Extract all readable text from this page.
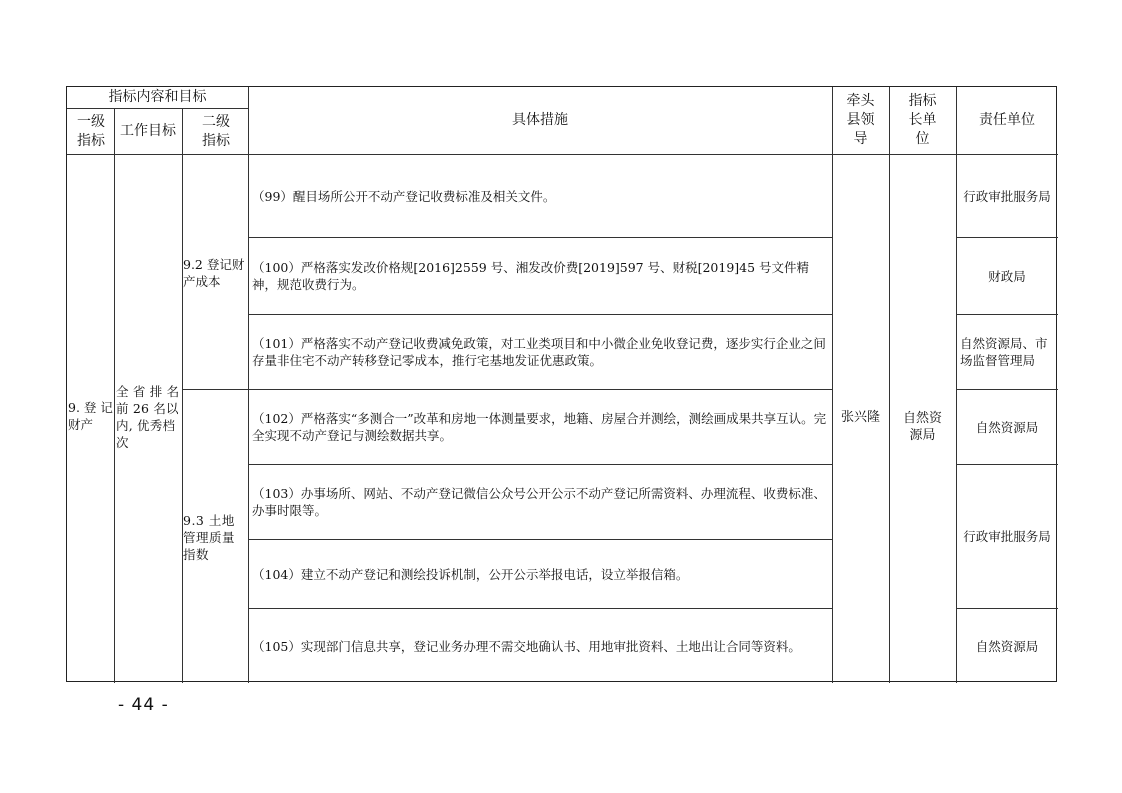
指标内容和目标
一级指标
工作目标
二级指标
具体措施
牵头县领导
指标长单位
责任单位
9. 登 记 财产
全 省 排 名 前 26 名以内, 优秀档次
9.2 登记财产成本
9.3 土地管理质量指数
（99）醒目场所公开不动产登记收费标准及相关文件。
（100）严格落实发改价格规[2016]2559 号、湘发改价费[2019]597 号、财税[2019]45 号文件精神，规范收费行为。
（101）严格落实不动产登记收费减免政策，对工业类项目和中小微企业免收登记费，逐步实行企业之间存量非住宅不动产转移登记零成本，推行宅基地发证优惠政策。
（102）严格落实“多测合一”改革和房地一体测量要求，地籍、房屋合并测绘，测绘画成果共享互认。完全实现不动产登记与测绘数据共享。
（103）办事场所、网站、不动产登记微信公众号公开公示不动产登记所需资料、办理流程、收费标准、办事时限等。
（104）建立不动产登记和测绘投诉机制，公开公示举报电话，设立举报信箱。
（105）实现部门信息共享，登记业务办理不需交地确认书、用地审批资料、土地出让合同等资料。
张兴隆	自然资源局
行政审批服务局
财政局
自然资源局、市场监督管理局
自然资源局
行政审批服务局
自然资源局
- 44 -
